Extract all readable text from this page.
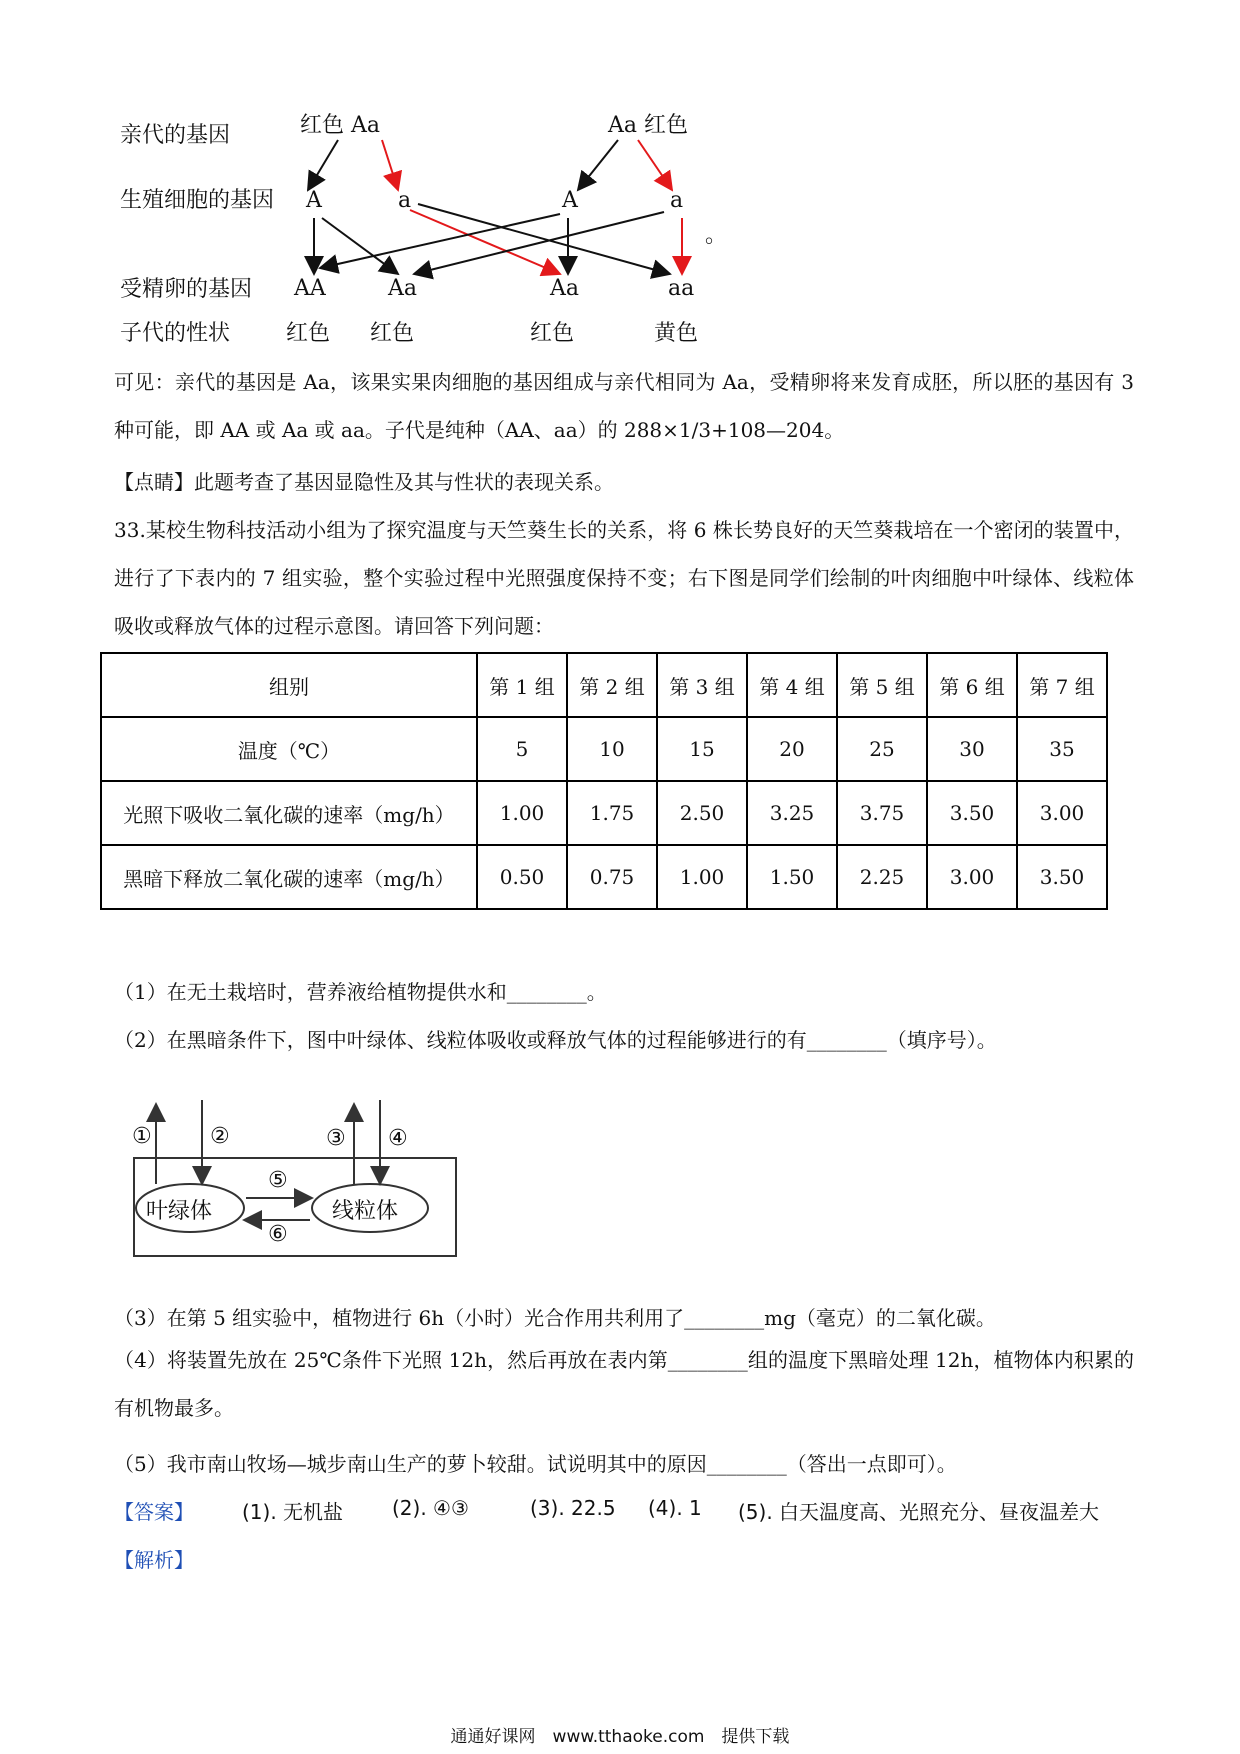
亲代的基因
生殖细胞的基因
受精卵的基因
子代的性状
红色 Aa	Aa 红色
A	a	A	a
。
AA	Aa	Aa	aa
红色 红色	红色	黄色
可见：亲代的基因是 Aa，该果实果肉细胞的基因组成与亲代相同为 Aa，受精卵将来发育成胚，所以胚的基因有 3 种可能，即 AA 或 Aa 或 aa。子代是纯种（AA、aa）的 288×1/3+108—204。
【点睛】此题考查了基因显隐性及其与性状的表现关系。
33.某校生物科技活动小组为了探究温度与天竺葵生长的关系，将 6 株长势良好的天竺葵栽培在一个密闭的装置中，进行了下表内的 7 组实验，整个实验过程中光照强度保持不变；右下图是同学们绘制的叶肉细胞中叶绿体、线粒体吸收或释放气体的过程示意图。请回答下列问题：
组别	第 1 组	第 2 组	第 3 组	第 4 组	第 5 组	第 6 组	第 7 组
温度（℃）	5	10	15	20	25	30	35
光照下吸收二氧化碳的速率（mg/h）	1.00	1.75	2.50	3.25	3.75	3.50	3.00
黑暗下释放二氧化碳的速率（mg/h）	0.50	0.75	1.00	1.50	2.25	3.00	3.50
（1）在无土栽培时，营养液给植物提供水和________。
（2）在黑暗条件下，图中叶绿体、线粒体吸收或释放气体的过程能够进行的有________（填序号）。
叶绿体	线粒体
①	②	③ ④
⑤
⑥
（3）在第 5 组实验中，植物进行 6h（小时）光合作用共利用了________mg（毫克）的二氧化碳。
（4）将装置先放在 25℃条件下光照 12h，然后再放在表内第________组的温度下黑暗处理 12h，植物体内积累的有机物最多。
（5）我市南山牧场—城步南山生产的萝卜较甜。试说明其中的原因________（答出一点即可）。
【答案】 (1). 无机盐 (2). ④③	(3). 22.5 (4). 1 (5). 白天温度高、光照充分、昼夜温差大
【解析】
通通好课网　www.tthaoke.com　提供下载
